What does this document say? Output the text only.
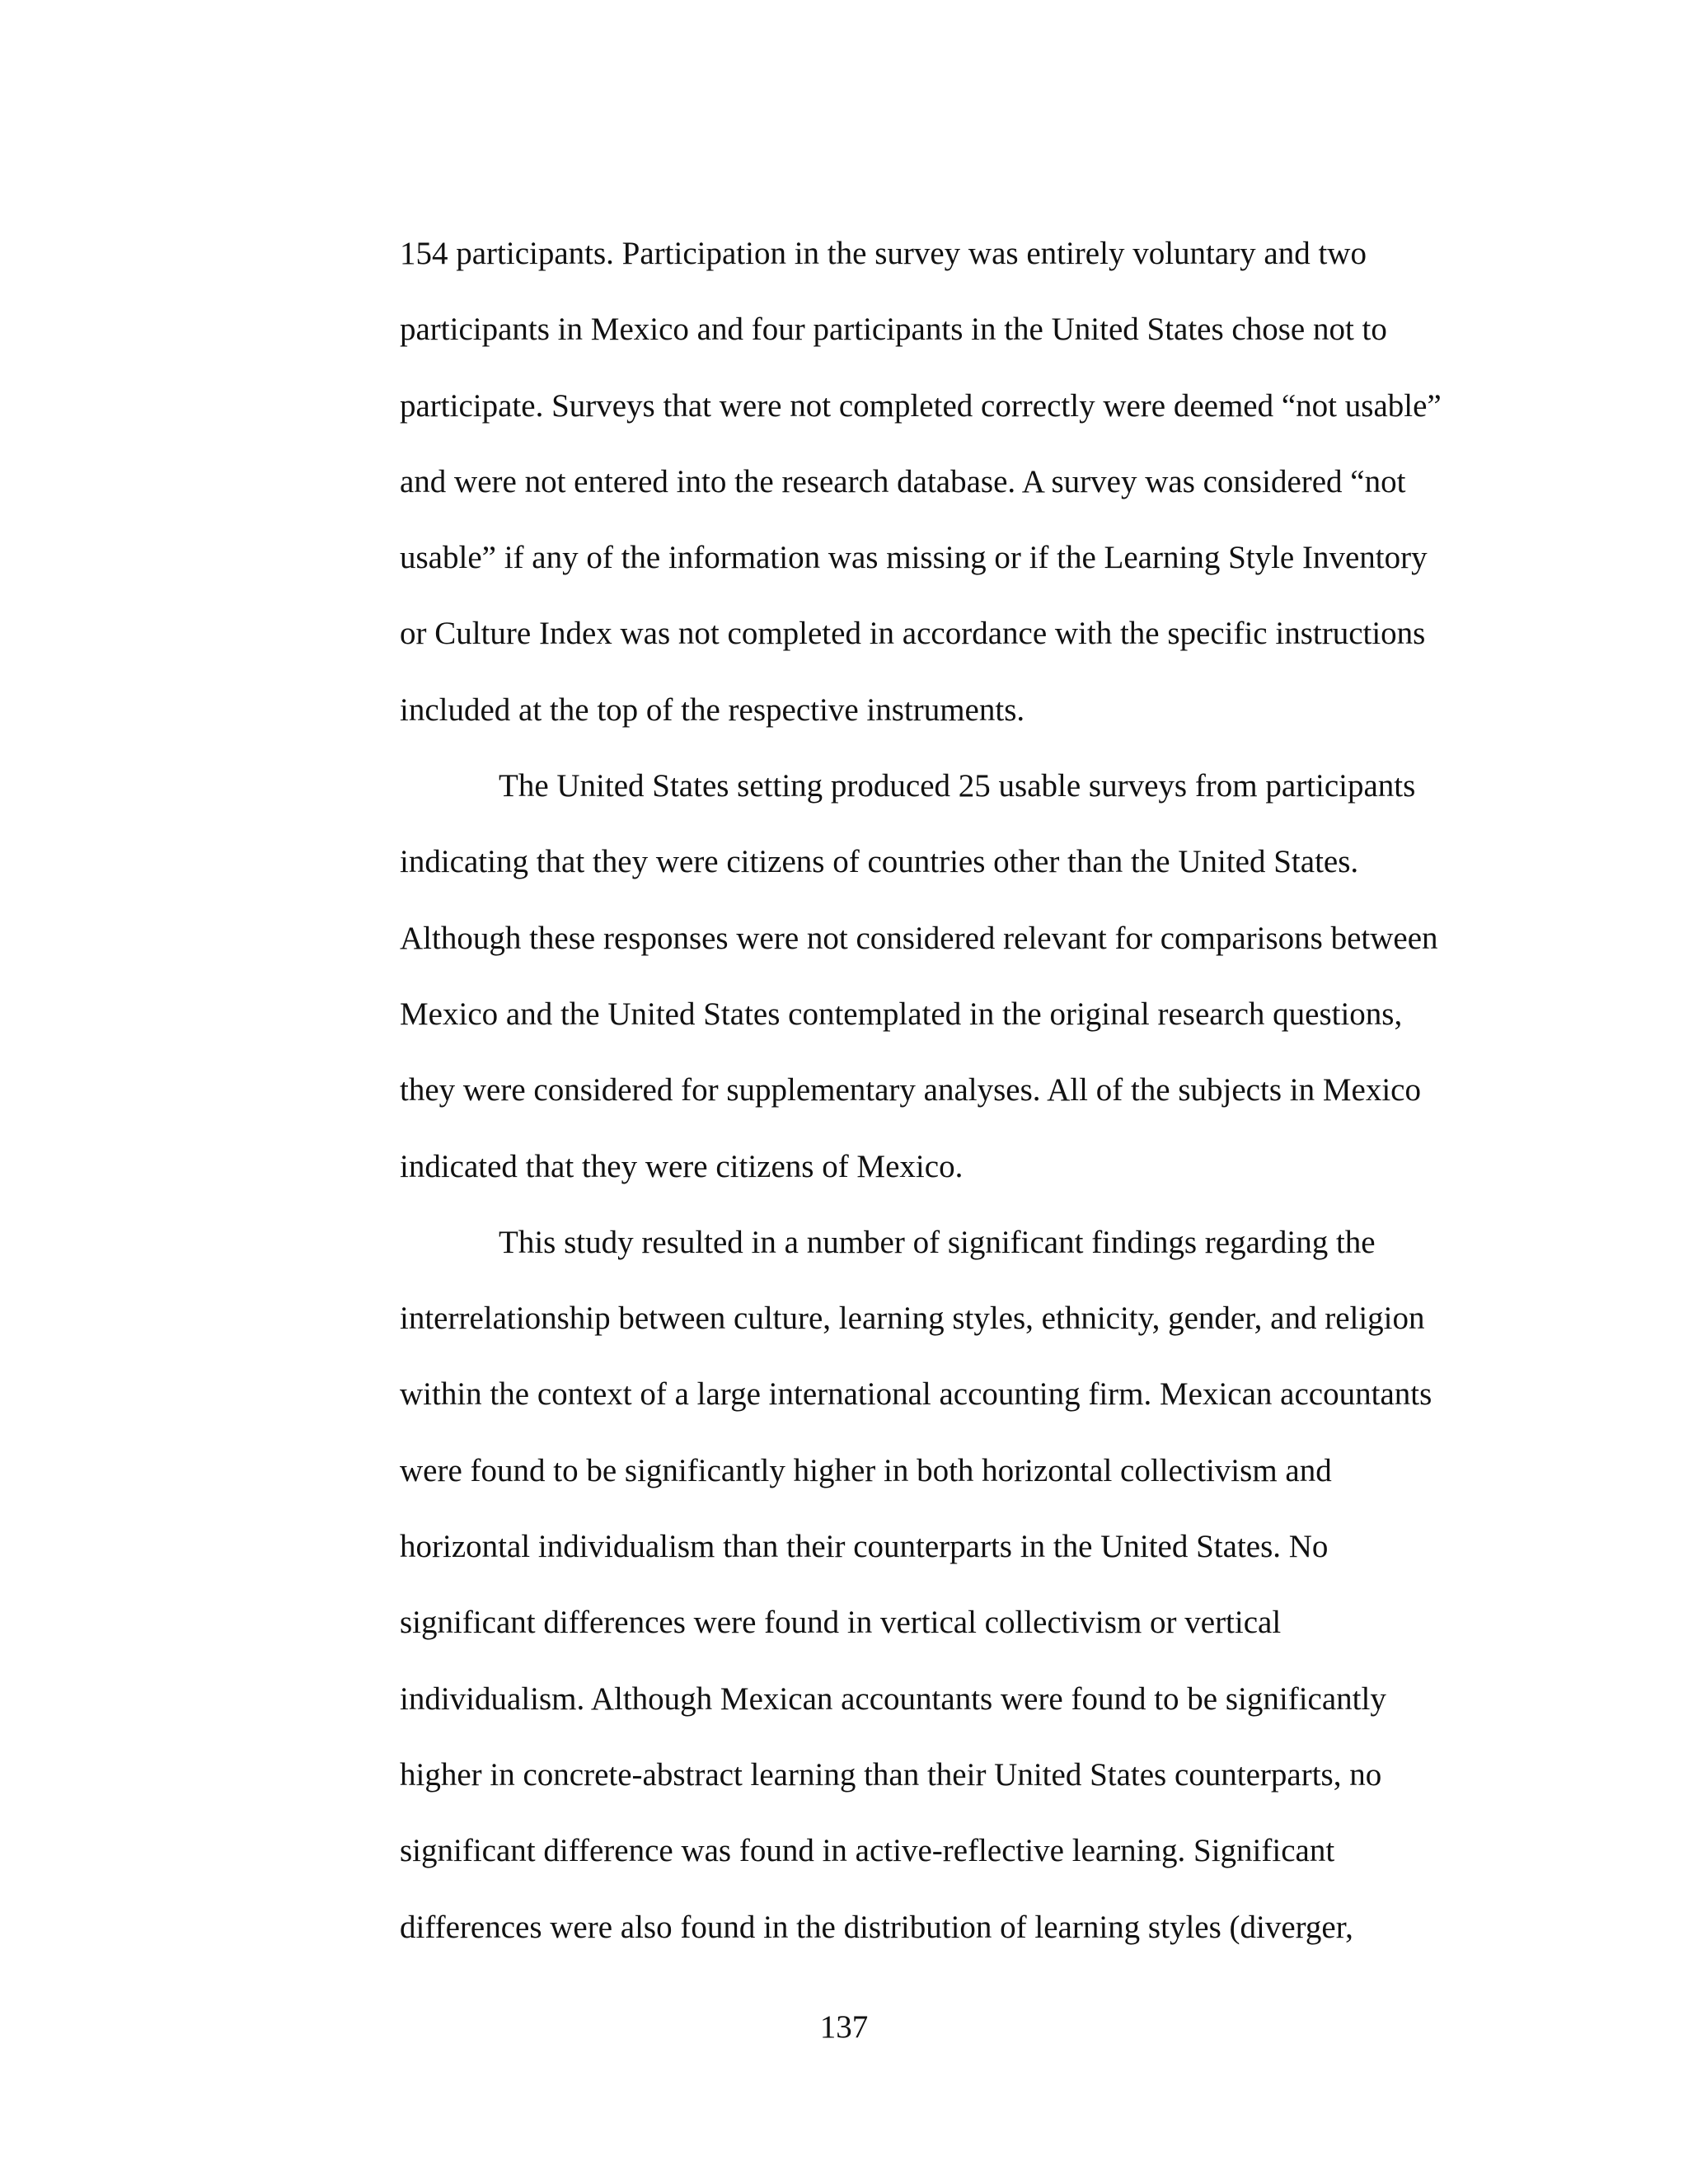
154 participants. Participation in the survey was entirely voluntary and two
participants in Mexico and four participants in the United States chose not to
participate. Surveys that were not completed correctly were deemed “not usable”
and were not entered into the research database. A survey was considered “not
usable” if any of the information was missing or if the Learning Style Inventory
or Culture Index was not completed in accordance with the specific instructions
included at the top of the respective instruments.
The United States setting produced 25 usable surveys from participants
indicating that they were citizens of countries other than the United States.
Although these responses were not considered relevant for comparisons between
Mexico and the United States contemplated in the original research questions,
they were considered for supplementary analyses. All of the subjects in Mexico
indicated that they were citizens of Mexico.
This study resulted in a number of significant findings regarding the
interrelationship between culture, learning styles, ethnicity, gender, and religion
within the context of a large international accounting firm. Mexican accountants
were found to be significantly higher in both horizontal collectivism and
horizontal individualism than their counterparts in the United States. No
significant differences were found in vertical collectivism or vertical
individualism. Although Mexican accountants were found to be significantly
higher in concrete-abstract learning than their United States counterparts, no
significant difference was found in active-reflective learning. Significant
differences were also found in the distribution of learning styles (diverger,
137
